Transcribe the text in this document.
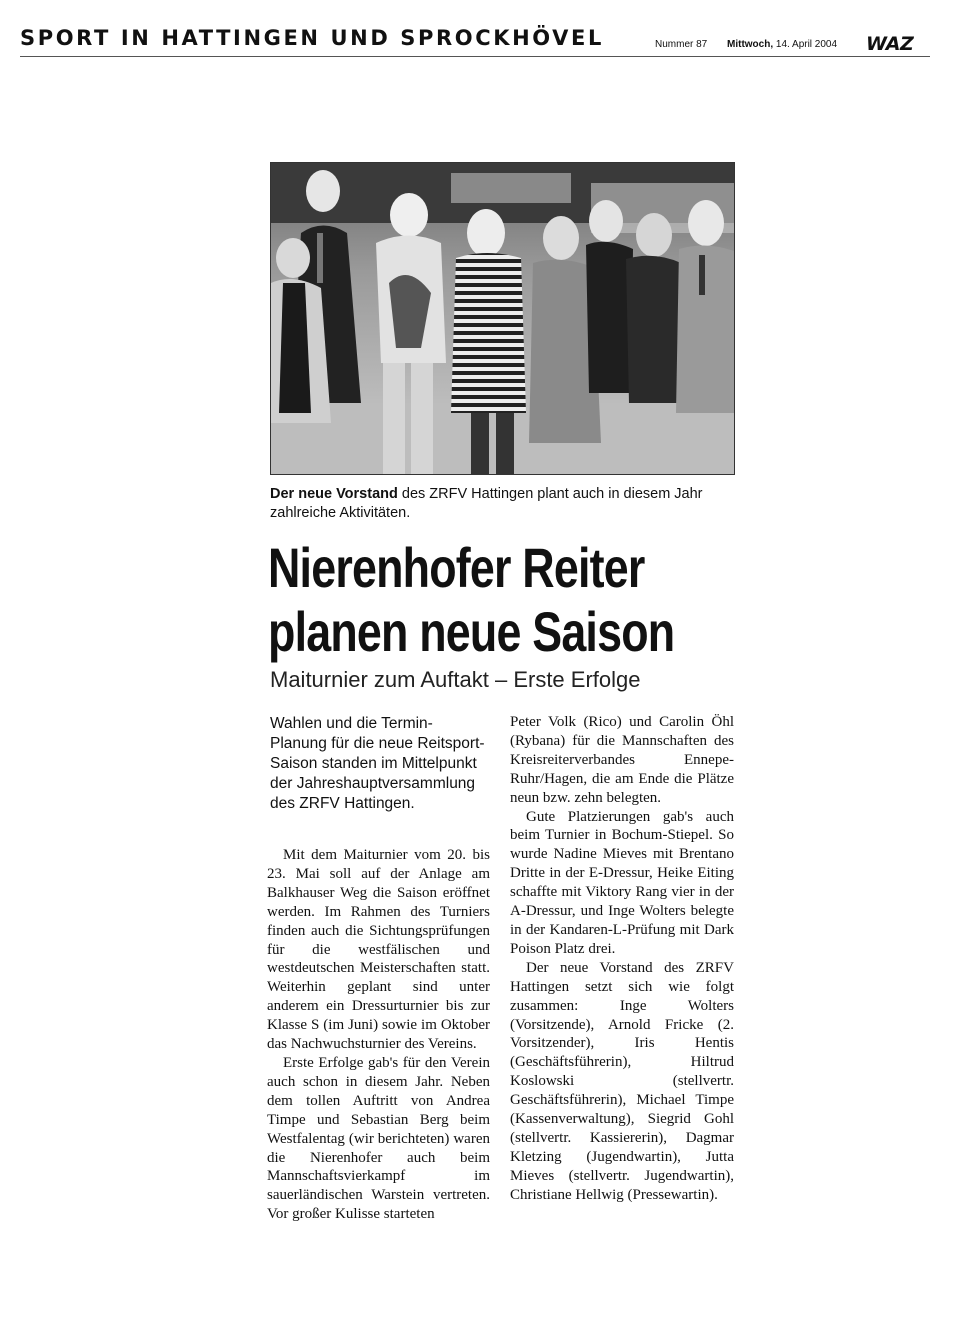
SPORT IN HATTINGEN UND SPROCKHÖVEL	Nummer 87 Mittwoch, 14. April 2004 WAZ
Der neue Vorstand des ZRFV Hattingen plant auch in diesem Jahr zahlreiche Aktivitäten.
Nierenhofer Reiter
planen neue Saison
Maiturnier zum Auftakt – Erste Erfolge
Wahlen und die Termin-Planung für die neue Reitsport-Saison standen im Mittelpunkt der Jahreshauptversammlung des ZRFV Hattingen.

Mit dem Maiturnier vom 20. bis 23. Mai soll auf der Anlage am Balkhauser Weg die Saison eröffnet werden. Im Rahmen des Turniers finden auch die Sichtungsprüfungen für die westfälischen und westdeutschen Meisterschaften statt. Weiterhin geplant sind unter anderem ein Dressurturnier bis zur Klasse S (im Juni) sowie im Oktober das Nachwuchsturnier des Vereins.

Erste Erfolge gab's für den Verein auch schon in diesem Jahr. Neben dem tollen Auftritt von Andrea Timpe und Sebastian Berg beim Westfalentag (wir berichteten) waren die Nierenhofer auch beim Mannschaftsvierkampf im sauerländischen Warstein vertreten. Vor großer Kulisse starteten

Peter Volk (Rico) und Carolin Öhl (Rybana) für die Mannschaften des Kreisreiterverbandes Ennepe-Ruhr/Hagen, die am Ende die Plätze neun bzw. zehn belegten.

Gute Platzierungen gab's auch beim Turnier in Bochum-Stiepel. So wurde Nadine Mieves mit Brentano Dritte in der E-Dressur, Heike Eiting schaffte mit Viktory Rang vier in der A-Dressur, und Inge Wolters belegte in der Kandaren-L-Prüfung mit Dark Poison Platz drei.

Der neue Vorstand des ZRFV Hattingen setzt sich wie folgt zusammen: Inge Wolters (Vorsitzende), Arnold Fricke (2. Vorsitzender), Iris Hentis (Geschäftsführerin), Hiltrud Koslowski (stellvertr. Geschäftsführerin), Michael Timpe (Kassenverwaltung), Siegrid Gohl (stellvertr. Kassiererin), Dagmar Kletzing (Jugendwartin), Jutta Mieves (stellvertr. Jugendwartin), Christiane Hellwig (Pressewartin).
